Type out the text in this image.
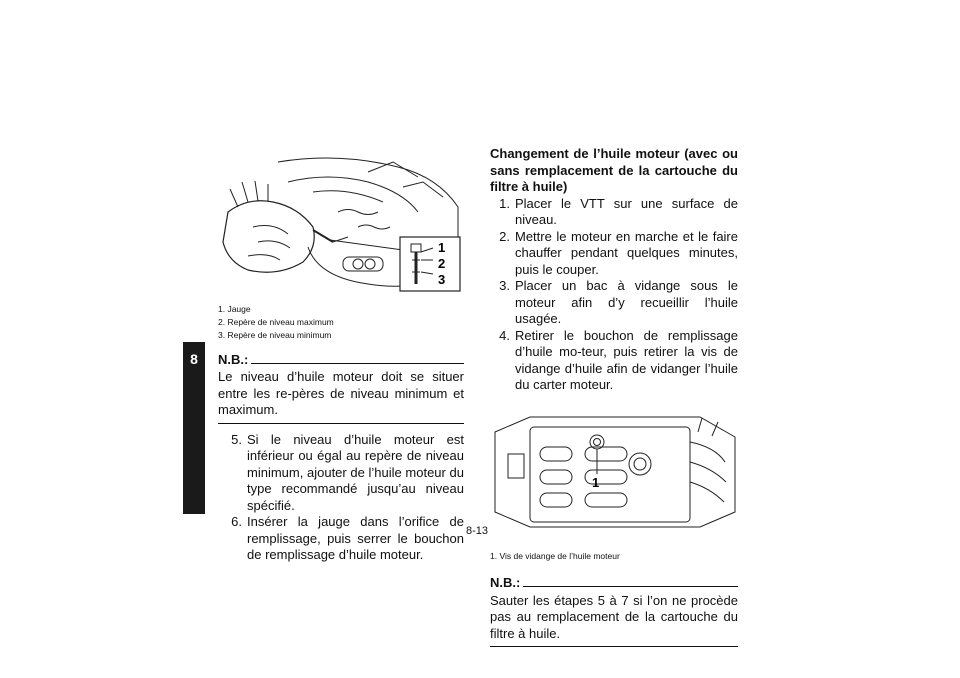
8
1
2
3
1. Jauge
2. Repère de niveau maximum
3. Repère de niveau minimum
N.B.:
Le niveau d’huile moteur doit se situer entre les re-pères de niveau minimum et maximum.
5. Si le niveau d’huile moteur est inférieur ou égal au repère de niveau minimum, ajouter de l’huile moteur du type recommandé jusqu’au niveau spécifié.
6. Insérer la jauge dans l’orifice de remplissage, puis serrer le bouchon de remplissage d’huile moteur.
Changement de l’huile moteur (avec ou sans remplacement de la cartouche du filtre à huile)
1. Placer le VTT sur une surface de niveau.
2. Mettre le moteur en marche et le faire chauffer pendant quelques minutes, puis le couper.
3. Placer un bac à vidange sous le moteur afin d’y recueillir l’huile usagée.
4. Retirer le bouchon de remplissage d’huile mo-teur, puis retirer la vis de vidange d’huile afin de vidanger l’huile du carter moteur.
1
1. Vis de vidange de l’huile moteur
N.B.:
Sauter les étapes 5 à 7 si l’on ne procède pas au remplacement de la cartouche du filtre à huile.
8-13
